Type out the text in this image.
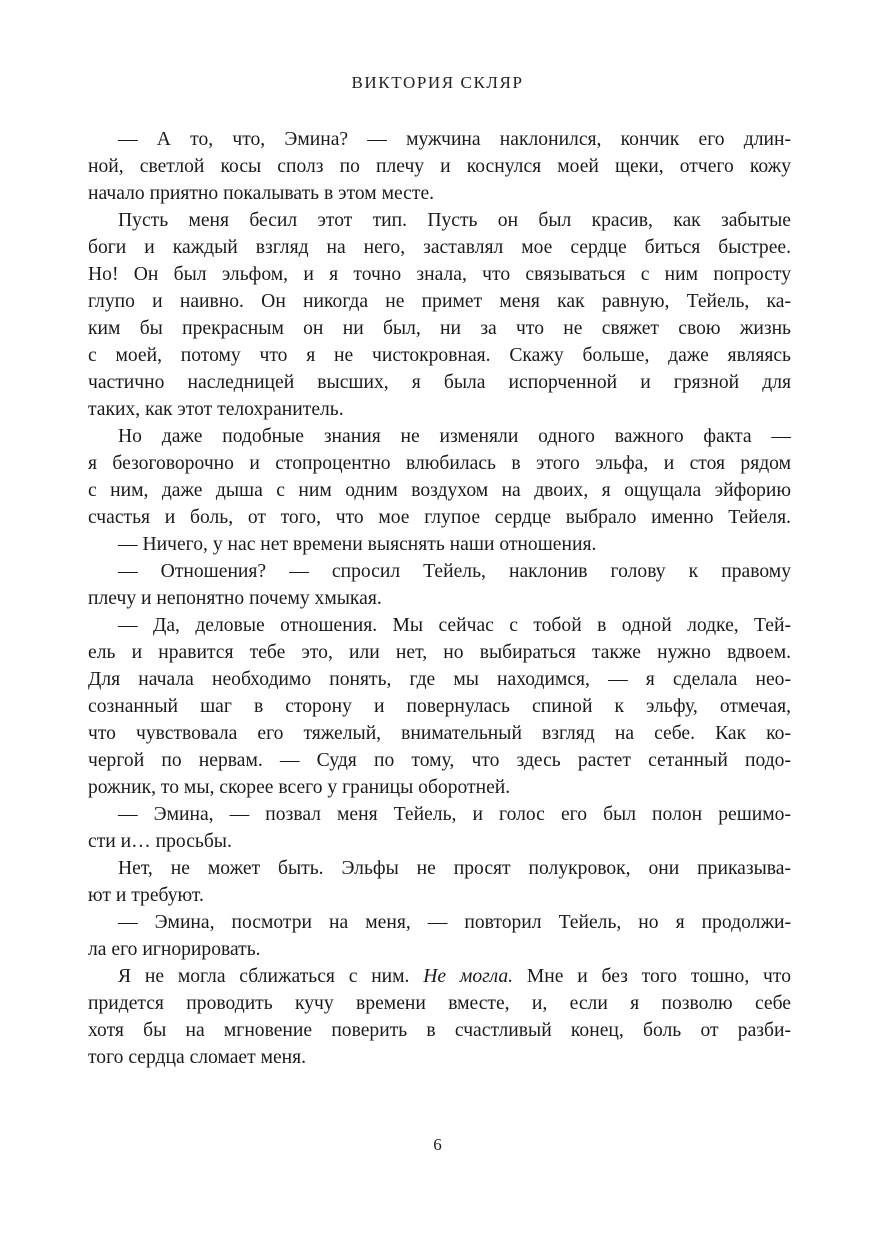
ВИКТОРИЯ СКЛЯР
— А то, что, Эмина? — мужчина наклонился, кончик его длин-
ной, светлой косы сполз по плечу и коснулся моей щеки, отчего кожу
начало приятно покалывать в этом месте.
Пусть меня бесил этот тип. Пусть он был красив, как забытые
боги и каждый взгляд на него, заставлял мое сердце биться быстрее.
Но! Он был эльфом, и я точно знала, что связываться с ним попросту
глупо и наивно. Он никогда не примет меня как равную, Тейель, ка-
ким бы прекрасным он ни был, ни за что не свяжет свою жизнь
с моей, потому что я не чистокровная. Скажу больше, даже являясь
частично наследницей высших, я была испорченной и грязной для
таких, как этот телохранитель.
Но даже подобные знания не изменяли одного важного факта —
я безоговорочно и стопроцентно влюбилась в этого эльфа, и стоя рядом
с ним, даже дыша с ним одним воздухом на двоих, я ощущала эйфорию
счастья и боль, от того, что мое глупое сердце выбрало именно Тейеля.
— Ничего, у нас нет времени выяснять наши отношения.
— Отношения? — спросил Тейель, наклонив голову к правому
плечу и непонятно почему хмыкая.
— Да, деловые отношения. Мы сейчас с тобой в одной лодке, Тей-
ель и нравится тебе это, или нет, но выбираться также нужно вдвоем.
Для начала необходимо понять, где мы находимся, — я сделала нео-
сознанный шаг в сторону и повернулась спиной к эльфу, отмечая,
что чувствовала его тяжелый, внимательный взгляд на себе. Как ко-
чергой по нервам. — Судя по тому, что здесь растет сетанный подо-
рожник, то мы, скорее всего у границы оборотней.
— Эмина, — позвал меня Тейель, и голос его был полон решимо-
сти и… просьбы.
Нет, не может быть. Эльфы не просят полукровок, они приказыва-
ют и требуют.
— Эмина, посмотри на меня, — повторил Тейель, но я продолжи-
ла его игнорировать.
Я не могла сближаться с ним. Не могла. Мне и без того тошно, что
придется проводить кучу времени вместе, и, если я позволю себе
хотя бы на мгновение поверить в счастливый конец, боль от разби-
того сердца сломает меня.
6
